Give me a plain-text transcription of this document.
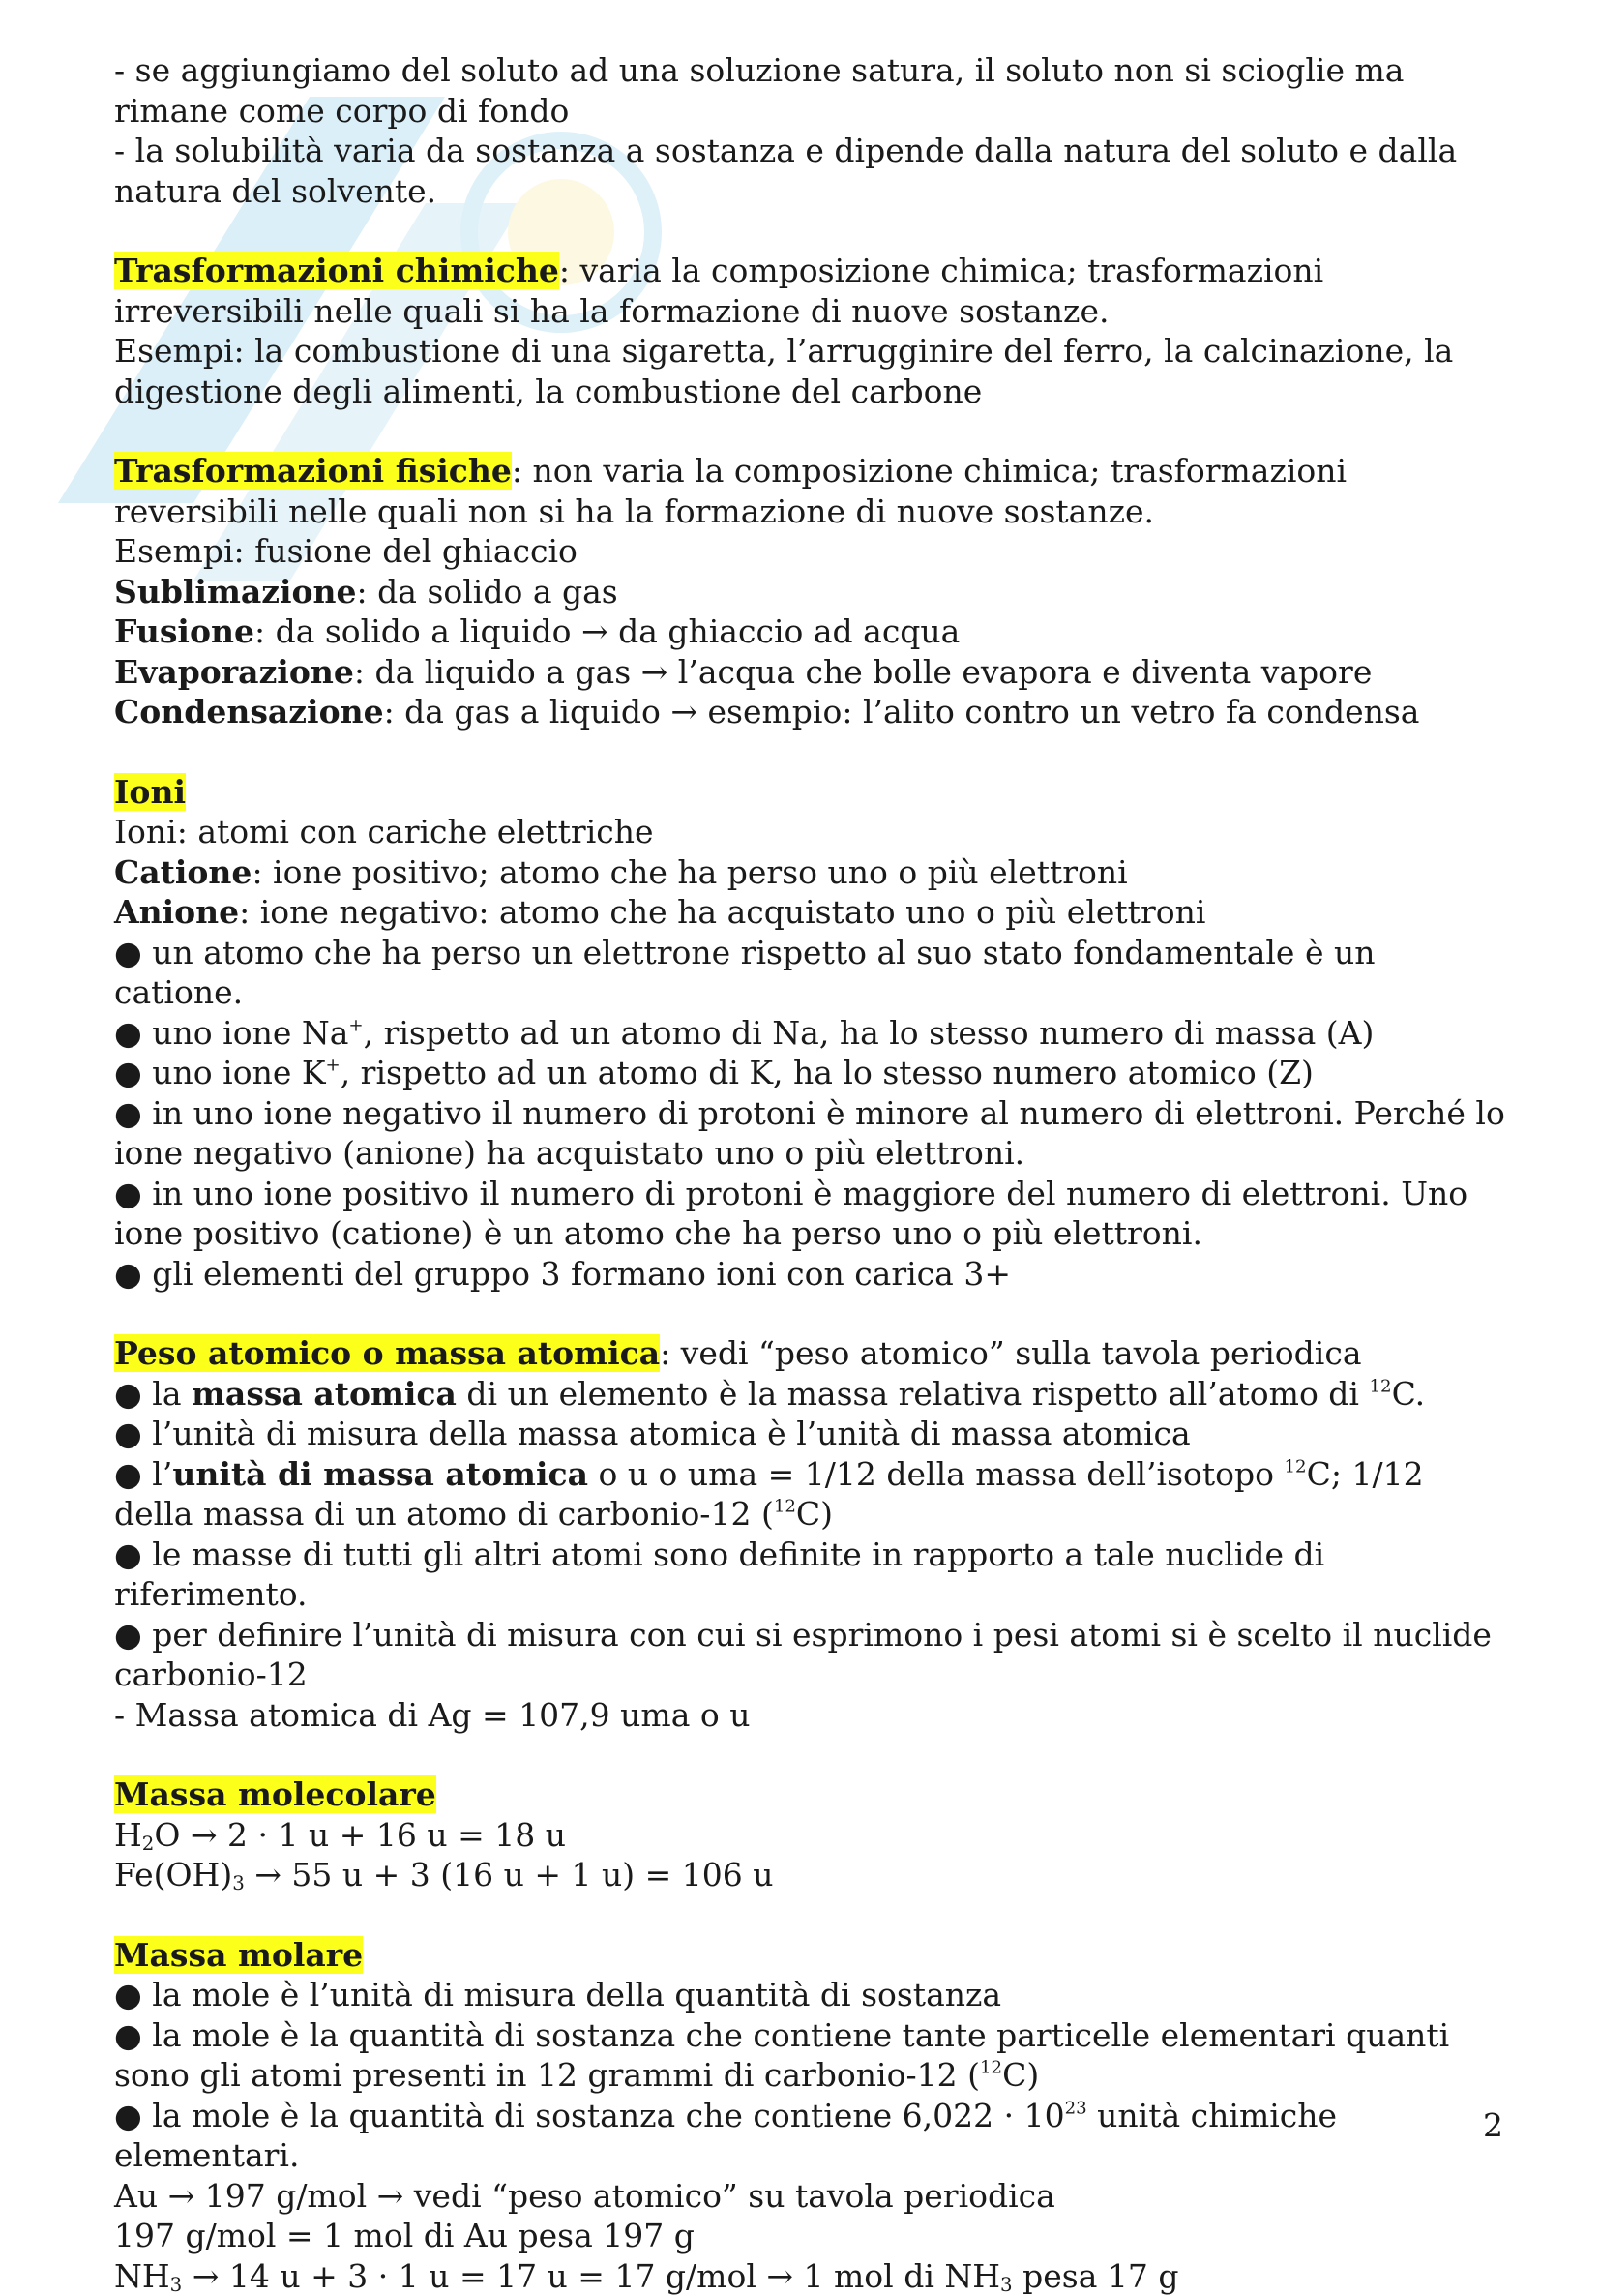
- se aggiungiamo del soluto ad una soluzione satura, il soluto non si scioglie ma rimane come corpo di fondo

- la solubilità varia da sostanza a sostanza e dipende dalla natura del soluto e dalla natura del solvente.

Trasformazioni chimiche: varia la composizione chimica; trasformazioni irreversibili nelle quali si ha la formazione di nuove sostanze.

Esempi: la combustione di una sigaretta, l’arrugginire del ferro, la calcinazione, la digestione degli alimenti, la combustione del carbone

Trasformazioni fisiche: non varia la composizione chimica; trasformazioni reversibili nelle quali non si ha la formazione di nuove sostanze.

Esempi: fusione del ghiaccio

Sublimazione: da solido a gas

Fusione: da solido a liquido → da ghiaccio ad acqua

Evaporazione: da liquido a gas → l’acqua che bolle evapora e diventa vapore

Condensazione: da gas a liquido → esempio: l’alito contro un vetro fa condensa

Ioni

Ioni: atomi con cariche elettriche

Catione: ione positivo; atomo che ha perso uno o più elettroni

Anione: ione negativo: atomo che ha acquistato uno o più elettroni

● un atomo che ha perso un elettrone rispetto al suo stato fondamentale è un catione.

● uno ione Na+, rispetto ad un atomo di Na, ha lo stesso numero di massa (A)

● uno ione K+, rispetto ad un atomo di K, ha lo stesso numero atomico (Z)

● in uno ione negativo il numero di protoni è minore al numero di elettroni. Perché lo ione negativo (anione) ha acquistato uno o più elettroni.

● in uno ione positivo il numero di protoni è maggiore del numero di elettroni. Uno ione positivo (catione) è un atomo che ha perso uno o più elettroni.

● gli elementi del gruppo 3 formano ioni con carica 3+

Peso atomico o massa atomica: vedi “peso atomico” sulla tavola periodica

● la massa atomica di un elemento è la massa relativa rispetto all’atomo di $^{12}$C.

● l’unità di misura della massa atomica è l’unità di massa atomica

● l’unità di massa atomica o u o uma = 1/12 della massa dell’isotopo $^{12}$C; 1/12 della massa di un atomo di carbonio-12 ($^{12}$C)

● le masse di tutti gli altri atomi sono definite in rapporto a tale nuclide di riferimento.

● per definire l’unità di misura con cui si esprimono i pesi atomi si è scelto il nuclide carbonio-12

- Massa atomica di Ag = 107,9 uma o u

Massa molecolare

$H_2O \to 2 \cdot 1$ u + 16 u = 18 u

$Fe(OH)_3 \to 55$ u + 3 (16 u + 1 u) = 106 u

Massa molare

● la mole è l’unità di misura della quantità di sostanza

● la mole è la quantità di sostanza che contiene tante particelle elementari quanti sono gli atomi presenti in 12 grammi di carbonio-12 ($^{12}$C)

● la mole è la quantità di sostanza che contiene $6,022 \cdot 10^{23}$ unità chimiche elementari.

Au → 197 g/mol → vedi “peso atomico” su tavola periodica

197 g/mol = 1 mol di Au pesa 197 g

$NH_3 \to 14$ u + 3 · 1 u = 17 u = 17 g/mol → 1 mol di $NH_3$ pesa 17 g

2
